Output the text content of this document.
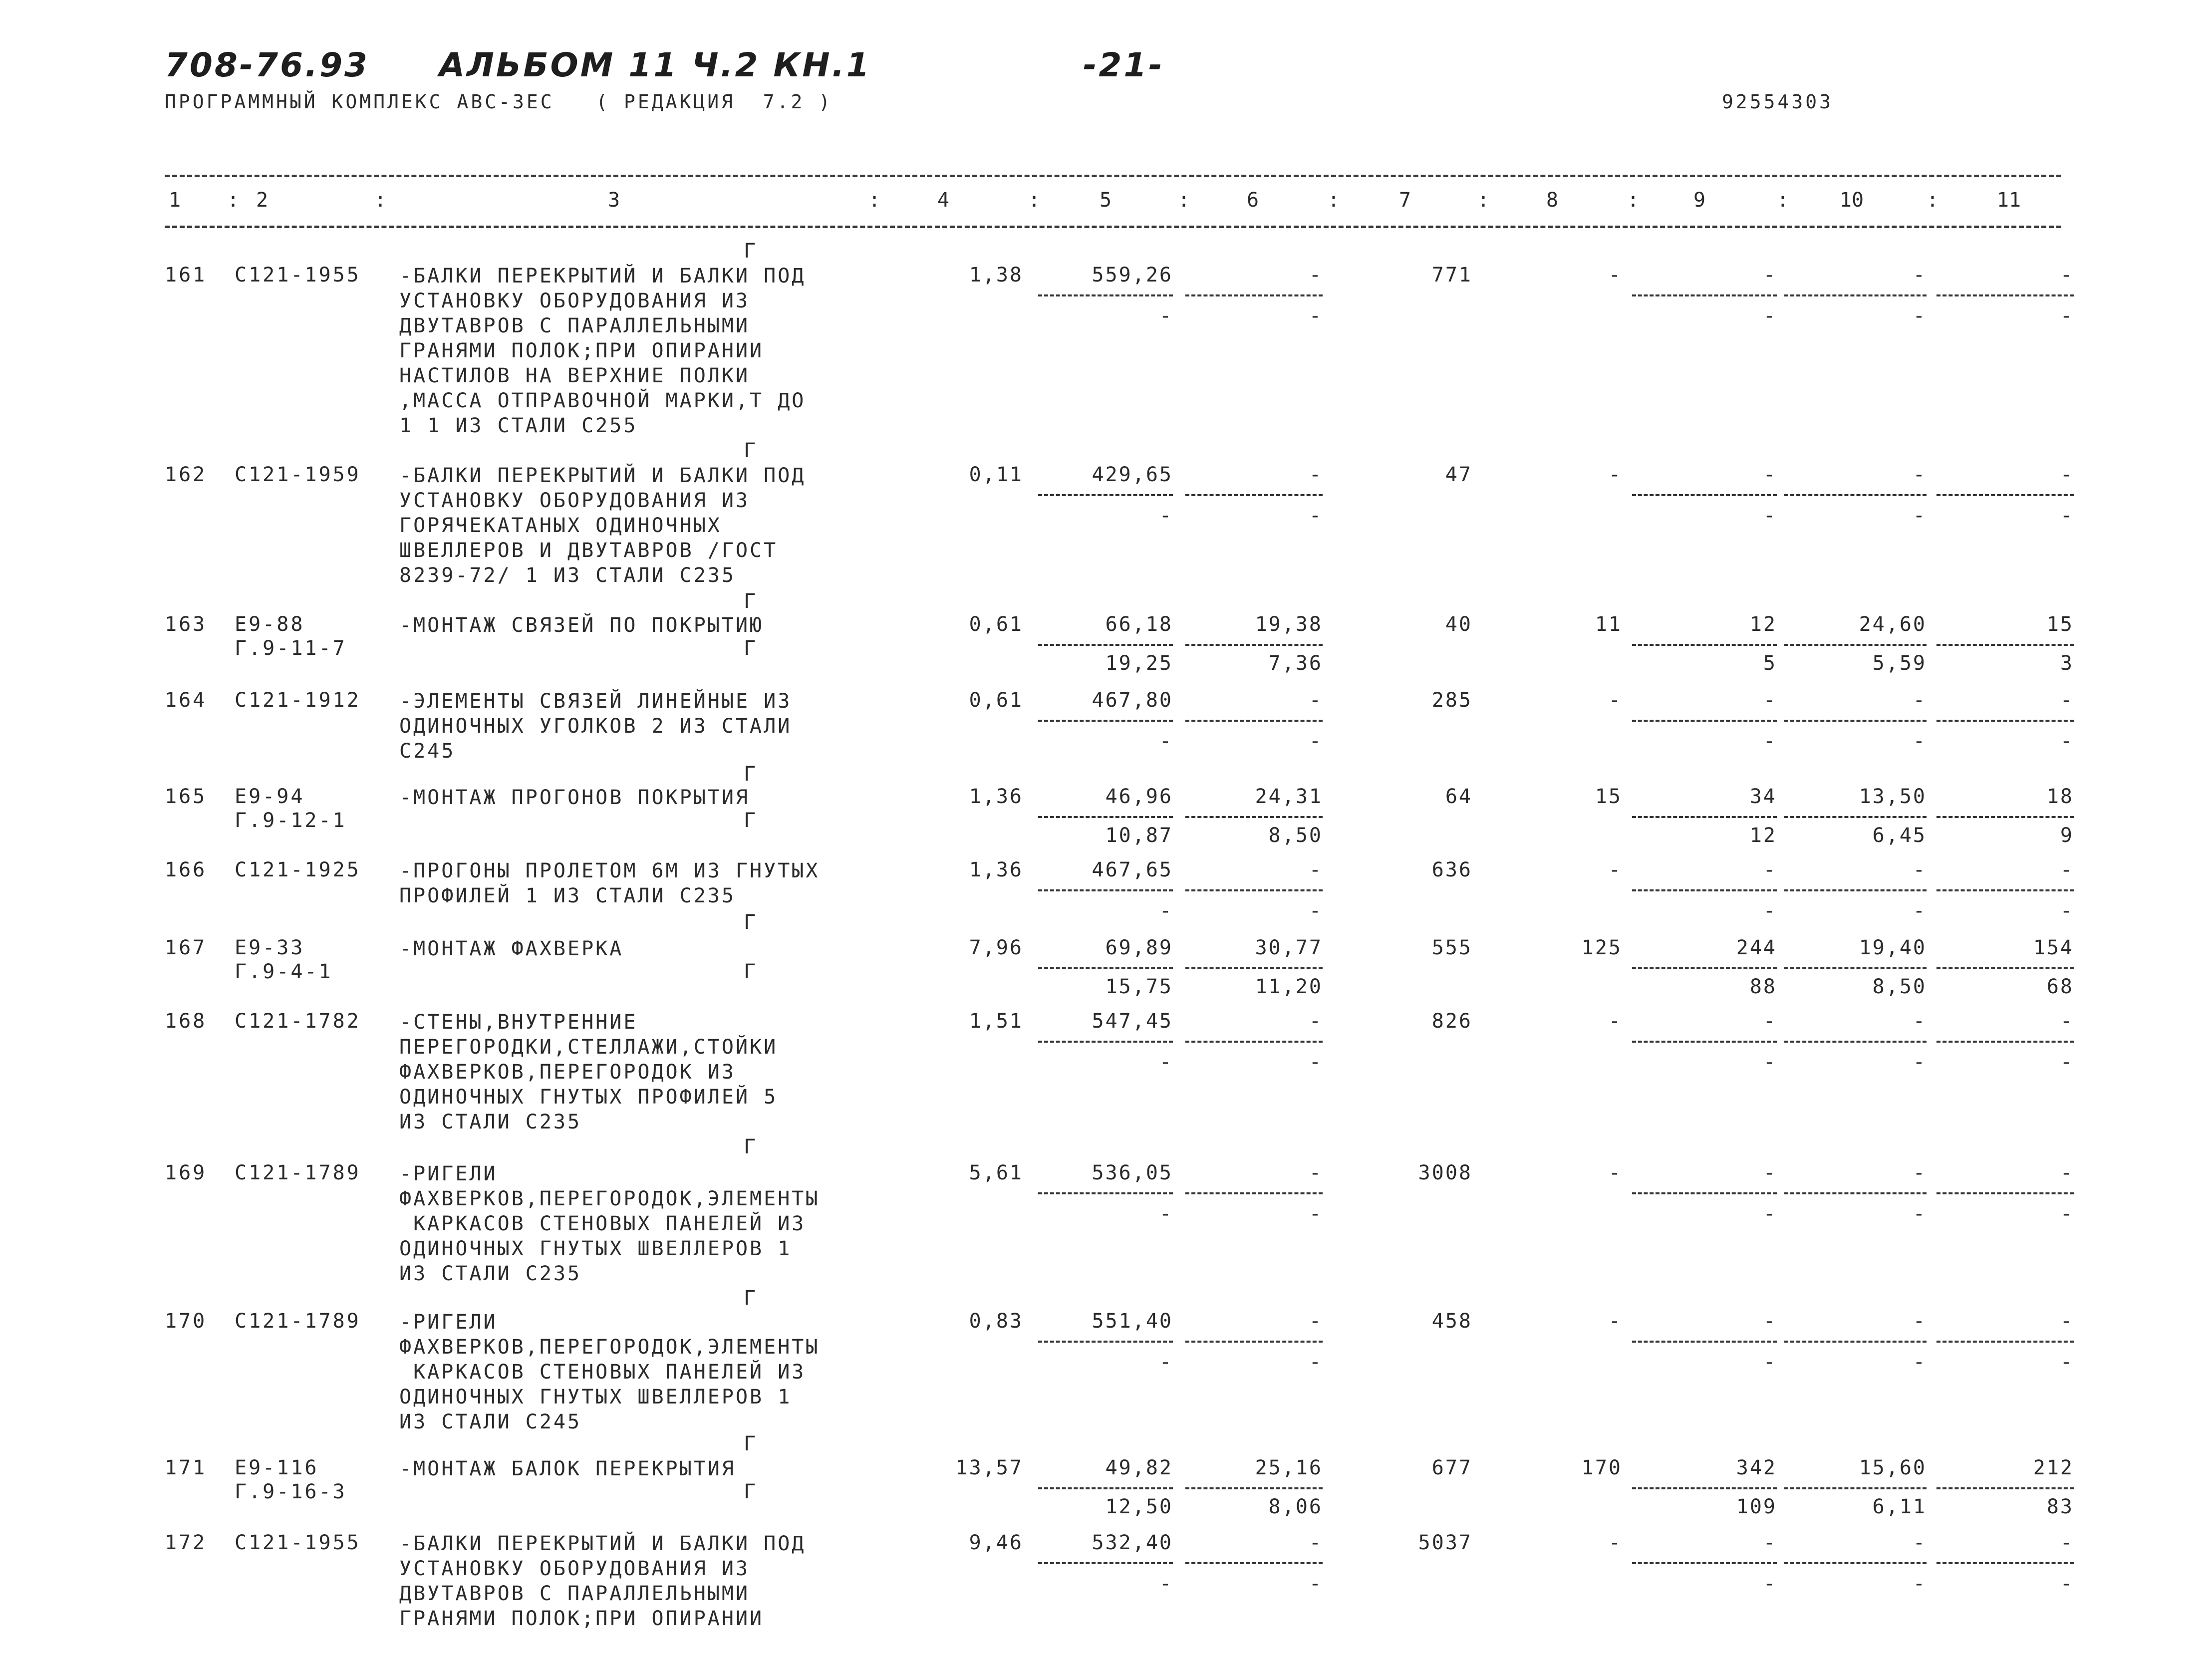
708-76.93 АЛЬБОМ 11 Ч.2 КН.1	-21-
ПРОГРАММНЫЙ КОМПЛЕКС АВС-3ЕС   ( РЕДАКЦИЯ  7.2 )	92554303
1	2	3	4	5	6	7	8	9	10	11
:	:	:	:	:	:	:	:	:	:
161 С121-1955 -БАЛКИ ПЕРЕКРЫТИЙ И БАЛКИ ПОД
УСТАНОВКУ ОБОРУДОВАНИЯ ИЗ
ДВУТАВРОВ С ПАРАЛЛЕЛЬНЫМИ
ГРАНЯМИ ПОЛОК;ПРИ ОПИРАНИИ
НАСТИЛОВ НА ВЕРХНИЕ ПОЛКИ
,МАССА ОТПРАВОЧНОЙ МАРКИ,Т ДО
1 1 ИЗ СТАЛИ С255
1,38	559,26	-	771	-	-	-	-
-	-	-	-	-
162 С121-1959 -БАЛКИ ПЕРЕКРЫТИЙ И БАЛКИ ПОД
УСТАНОВКУ ОБОРУДОВАНИЯ ИЗ
ГОРЯЧЕКАТАНЫХ ОДИНОЧНЫХ
ШВЕЛЛЕРОВ И ДВУТАВРОВ /ГОСТ
8239-72/ 1 ИЗ СТАЛИ С235
0,11	429,65	-	47	-	-	-	-
-	-	-	-	-
163 Е9-88
Г.9-11-7
-МОНТАЖ СВЯЗЕЙ ПО ПОКРЫТИЮ	0,61	66,18	19,38	40	11	12	24,60	15
19,25	7,36	5	5,59	3
Г
164 С121-1912 -ЭЛЕМЕНТЫ СВЯЗЕЙ ЛИНЕЙНЫЕ ИЗ
ОДИНОЧНЫХ УГОЛКОВ 2 ИЗ СТАЛИ
С245
0,61	467,80	-	285	-	-	-	-
-	-	-	-	-
165 Е9-94
Г.9-12-1
-МОНТАЖ ПРОГОНОВ ПОКРЫТИЯ	1,36	46,96	24,31	64	15	34	13,50	18
10,87	8,50	12	6,45	9
Г
166 С121-1925 -ПРОГОНЫ ПРОЛЕТОМ 6М ИЗ ГНУТЫХ
ПРОФИЛЕЙ 1 ИЗ СТАЛИ С235
1,36	467,65	-	636	-	-	-	-
-	-	-	-	-
167 Е9-33
Г.9-4-1
-МОНТАЖ ФАХВЕРКА	7,96	69,89	30,77	555	125	244	19,40	154
15,75	11,20	88	8,50	68
Г
168 С121-1782 -СТЕНЫ,ВНУТРЕННИЕ
ПЕРЕГОРОДКИ,СТЕЛЛАЖИ,СТОЙКИ
ФАХВЕРКОВ,ПЕРЕГОРОДОК ИЗ
ОДИНОЧНЫХ ГНУТЫХ ПРОФИЛЕЙ 5
ИЗ СТАЛИ С235
1,51	547,45	-	826	-	-	-	-
-	-	-	-	-
169 С121-1789 -РИГЕЛИ
ФАХВЕРКОВ,ПЕРЕГОРОДОК,ЭЛЕМЕНТЫ
КАРКАСОВ СТЕНОВЫХ ПАНЕЛЕЙ ИЗ
ОДИНОЧНЫХ ГНУТЫХ ШВЕЛЛЕРОВ 1
ИЗ СТАЛИ С235
5,61	536,05	-	3008	-	-	-	-
-	-	-	-	-
170 С121-1789 -РИГЕЛИ
ФАХВЕРКОВ,ПЕРЕГОРОДОК,ЭЛЕМЕНТЫ
КАРКАСОВ СТЕНОВЫХ ПАНЕЛЕЙ ИЗ
ОДИНОЧНЫХ ГНУТЫХ ШВЕЛЛЕРОВ 1
ИЗ СТАЛИ С245
0,83	551,40	-	458	-	-	-	-
-	-	-	-	-
171 Е9-116
Г.9-16-3
-МОНТАЖ БАЛОК ПЕРЕКРЫТИЯ	13,57	49,82	25,16	677	170	342	15,60	212
12,50	8,06	109	6,11	83
Г
172 С121-1955 -БАЛКИ ПЕРЕКРЫТИЙ И БАЛКИ ПОД
УСТАНОВКУ ОБОРУДОВАНИЯ ИЗ
ДВУТАВРОВ С ПАРАЛЛЕЛЬНЫМИ
ГРАНЯМИ ПОЛОК;ПРИ ОПИРАНИИ
9,46	532,40	-	5037	-	-	-	-
-	-	-	-	-
Г
Г
Г
Г
Г
Г
Г
Г
